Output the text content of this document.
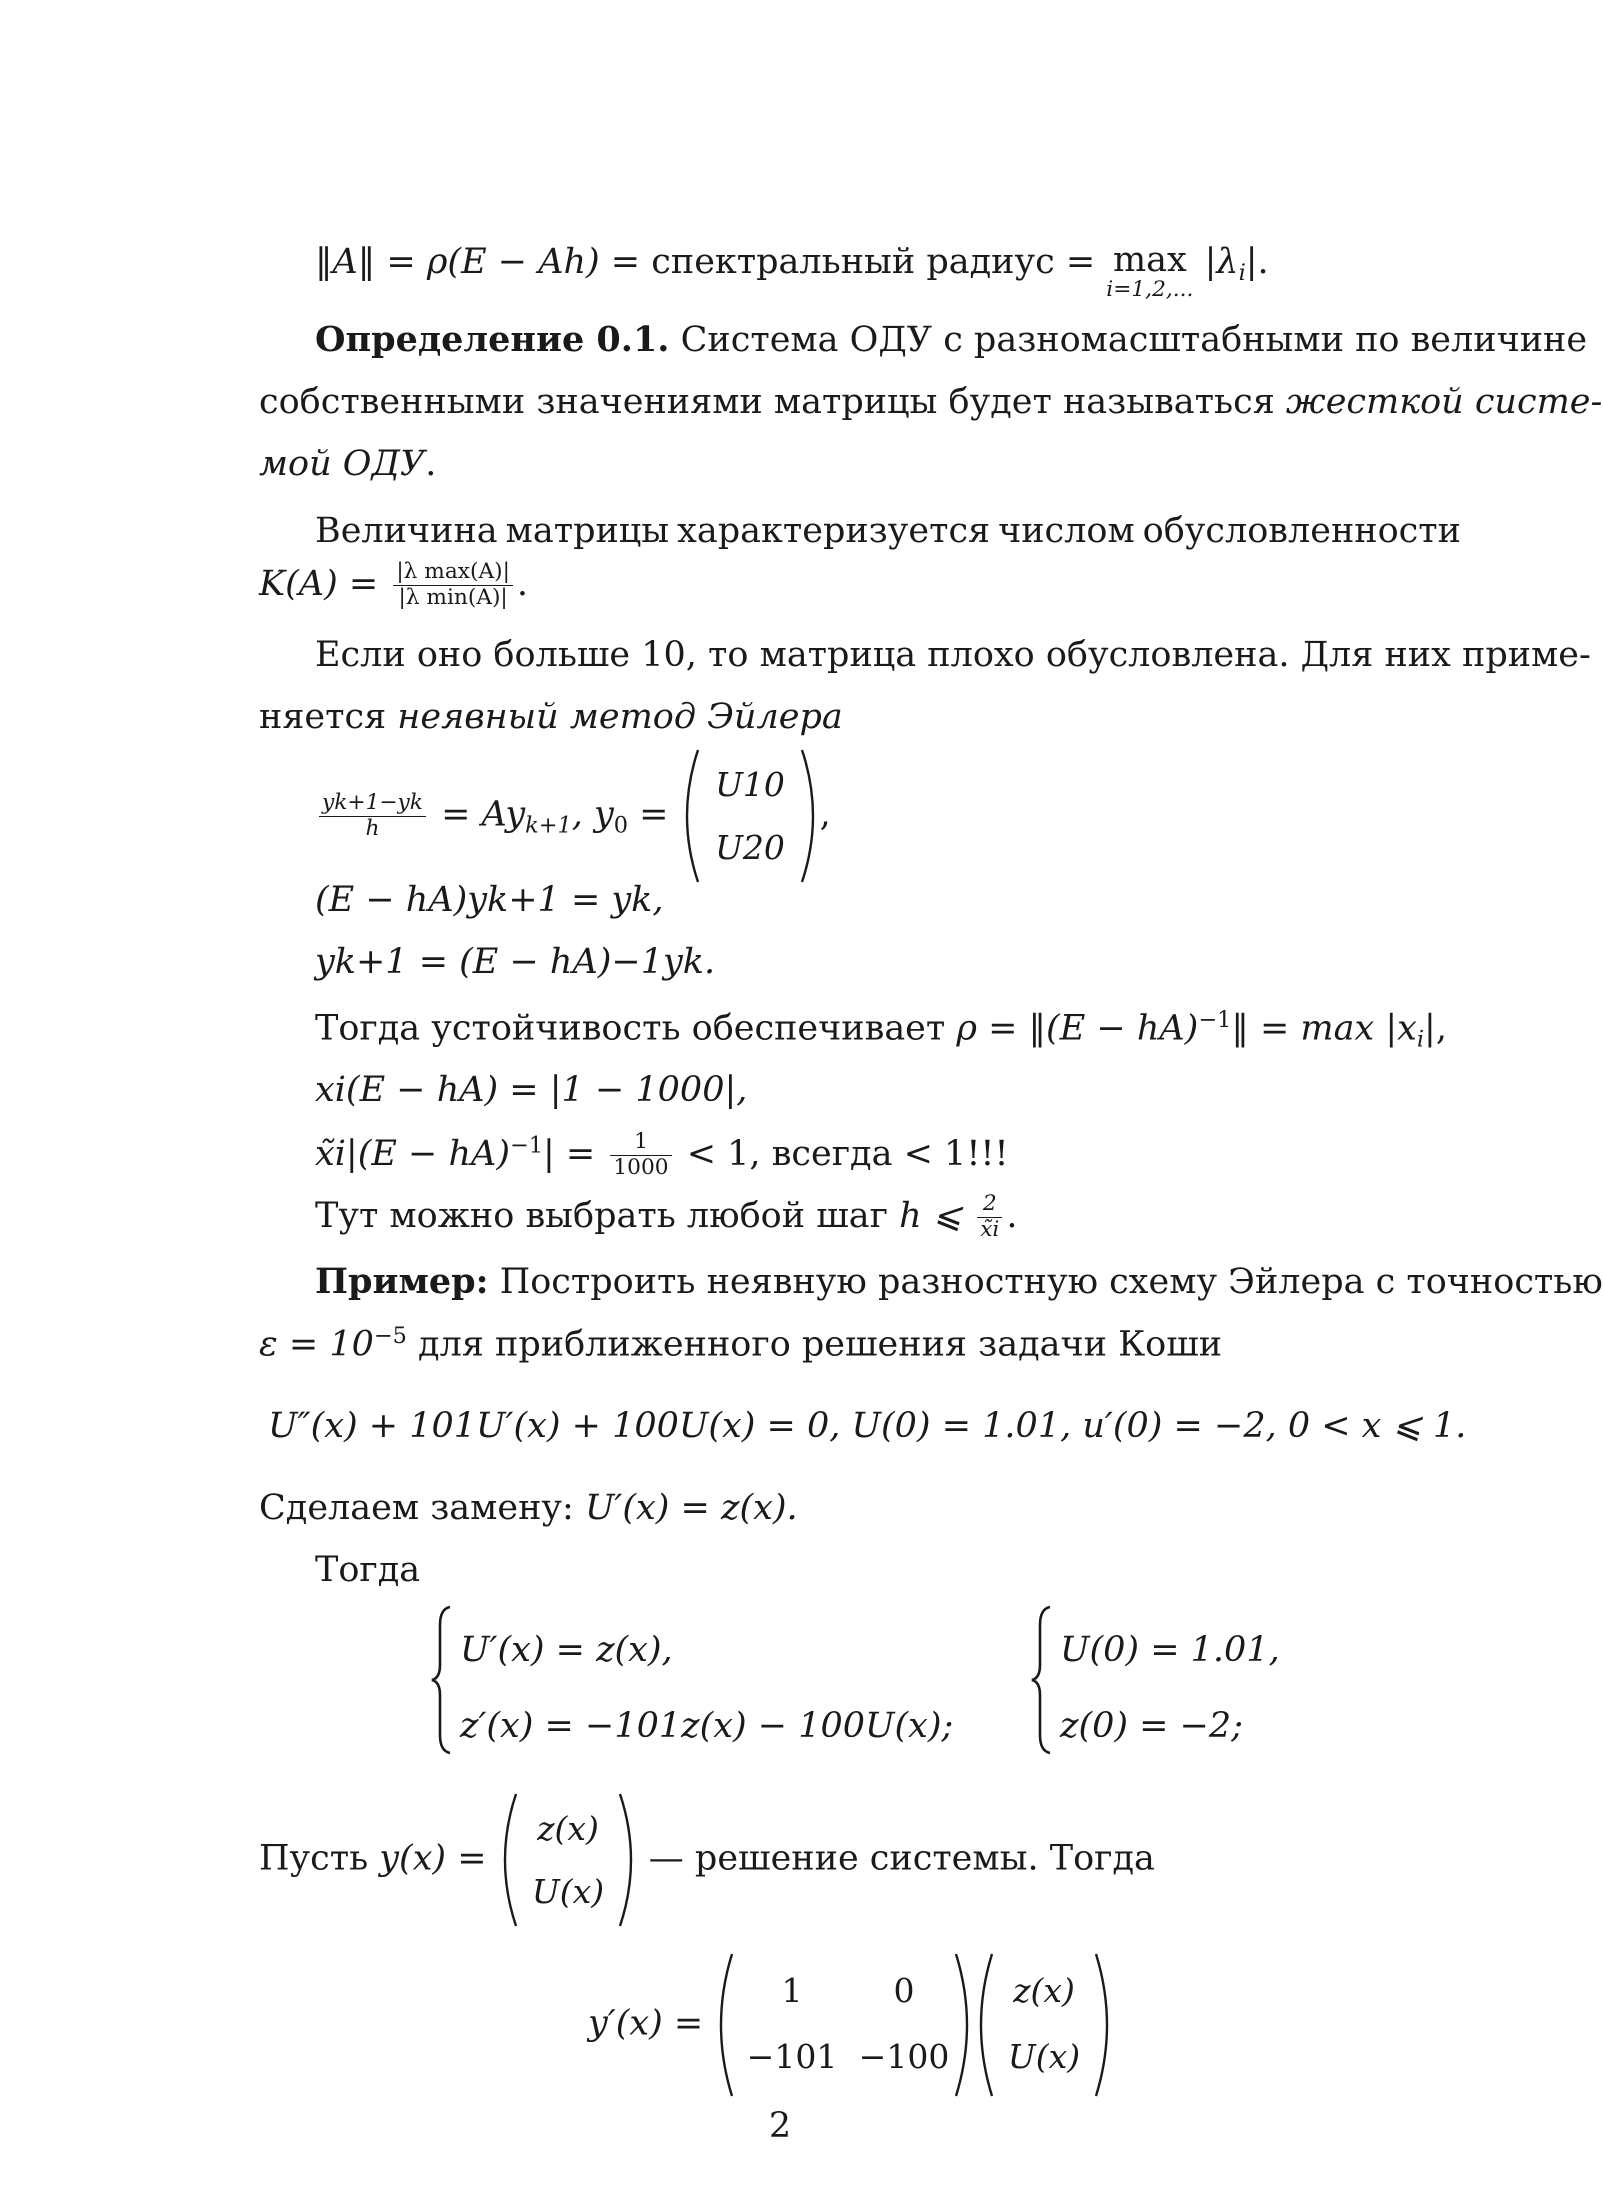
‖A‖ = ρ(E − Ah) = спектральный радиус = max
i=1,2,...
$|\lambda_i|$.
Определение 0.1. Система ОДУ с разномасштабными по величине
собственными значениями матрицы будет называться жесткой систе-
мой ОДУ.
Величина матрицы характеризуется числом обусловленности
$K(A) = \frac{\text{|λ max(A)|}}{\text{|λ min(A)|}}$ .
Если оно больше 10, то матрица плохо обусловлена. Для них приме-
няется неявный метод Эйлера
$\frac{yk+1-yk}{h} = Ay_{k+1}$, $y_0$ =
U10
U20
,
(E − hA)yk+1 = yk,
yk+1 = (E − hA)−1yk.
Тогда устойчивость обеспечивает ρ = ‖(E − hA)$^{-1}$‖ = $\max |x_i|$,
xi(E − hA) = |1 − 1000|,
x̃i|(E − $hA)^{-1}| = \frac{1}{1000} < 1$, всегда < 1!!!
Тут можно выбрать любой шаг h ⩽ $\frac{2}{x̃i}$ .
Пример: Построить неявную разностную схему Эйлера с точностью
$\varepsilon = 10^{-5}$ для приближенного решения задачи Коши
U″(x) + 101U′(x) + 100U(x) = 0, U(0) = 1.01, u′(0) = −2, 0 < x ⩽ 1.
Сделаем замену: U′(x) = z(x).
Тогда
U′(x) = z(x),
z′(x) = −101z(x) − 100U(x);
U(0) = 1.01,
z(0) = −2;
Пусть y(x) =
z(x)
U(x)
— решение системы. Тогда
y′(x) =
1	0
−101 −100
z(x)
U(x)
2
